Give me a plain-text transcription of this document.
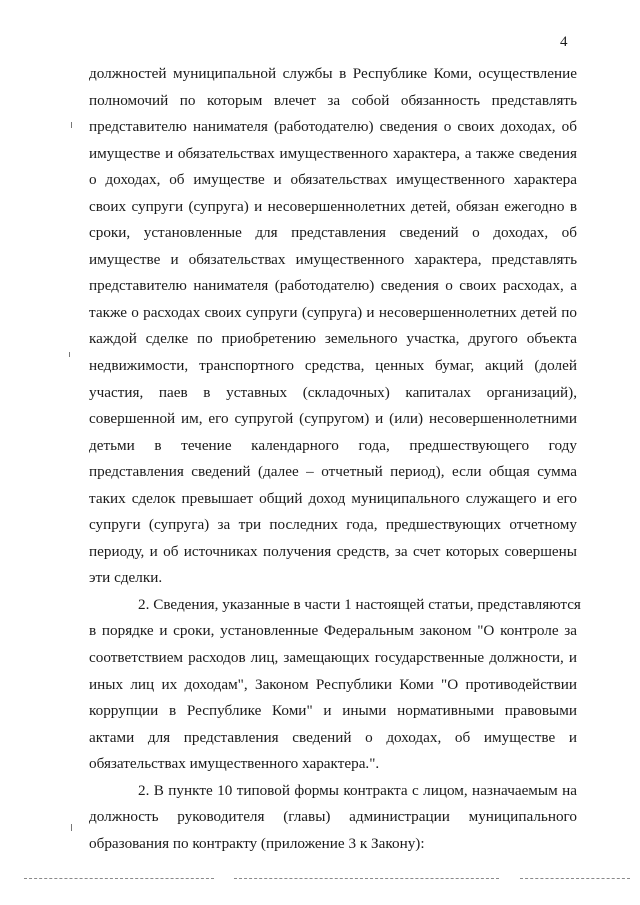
4
должностей муниципальной службы в Республике Коми, осуществление
полномочий по которым влечет за собой обязанность представлять
представителю нанимателя (работодателю) сведения о своих доходах, об
имуществе и обязательствах имущественного характера, а также сведения
о доходах, об имуществе и обязательствах имущественного характера
своих супруги (супруга) и несовершеннолетних детей, обязан ежегодно в
сроки, установленные для представления сведений о доходах, об
имуществе и обязательствах имущественного характера, представлять
представителю нанимателя (работодателю) сведения о своих расходах, а
также о расходах своих супруги (супруга) и несовершеннолетних детей по
каждой сделке по приобретению земельного участка, другого объекта
недвижимости, транспортного средства, ценных бумаг, акций (долей
участия, паев в уставных (складочных) капиталах организаций),
совершенной им, его супругой (супругом) и (или) несовершеннолетними
детьми в течение календарного года, предшествующего году
представления сведений (далее – отчетный период), если общая сумма
таких сделок превышает общий доход муниципального служащего и его
супруги (супруга) за три последних года, предшествующих отчетному
периоду, и об источниках получения средств, за счет которых совершены
эти сделки.
2. Сведения, указанные в части 1 настоящей статьи, представляются
в порядке и сроки, установленные Федеральным законом "О контроле за
соответствием расходов лиц, замещающих государственные должности, и
иных лиц их доходам", Законом Республики Коми "О противодействии
коррупции в Республике Коми" и иными нормативными правовыми
актами для представления сведений о доходах, об имуществе и
обязательствах имущественного характера.".
2. В пункте 10 типовой формы контракта с лицом, назначаемым на
должность руководителя (главы) администрации муниципального
образования по контракту (приложение 3 к Закону):
